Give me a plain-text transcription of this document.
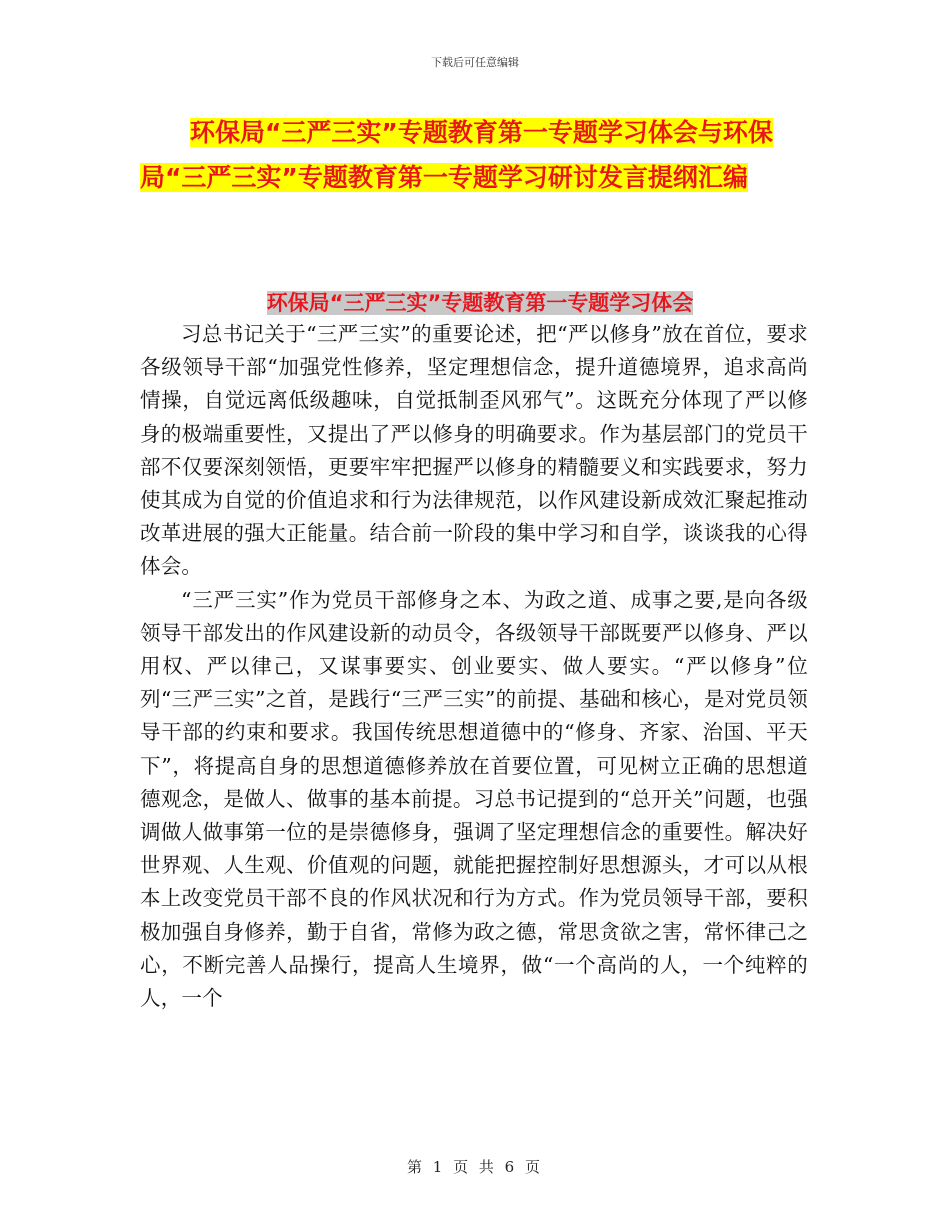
下载后可任意编辑
环保局“三严三实”专题教育第一专题学习体会与环保局“三严三实”专题教育第一专题学习研讨发言提纲汇编
环保局“三严三实”专题教育第一专题学习体会

习总书记关于“三严三实”的重要论述，把“严以修身”放在首位，要求各级领导干部“加强党性修养，坚定理想信念，提升道德境界，追求高尚情操，自觉远离低级趣味，自觉抵制歪风邪气”。这既充分体现了严以修身的极端重要性，又提出了严以修身的明确要求。作为基层部门的党员干部不仅要深刻领悟，更要牢牢把握严以修身的精髓要义和实践要求，努力使其成为自觉的价值追求和行为法律规范，以作风建设新成效汇聚起推动改革进展的强大正能量。结合前一阶段的集中学习和自学，谈谈我的心得体会。

“三严三实”作为党员干部修身之本、为政之道、成事之要,是向各级领导干部发出的作风建设新的动员令，各级领导干部既要严以修身、严以用权、严以律己，又谋事要实、创业要实、做人要实。“严以修身”位列“三严三实”之首，是践行“三严三实”的前提、基础和核心，是对党员领导干部的约束和要求。我国传统思想道德中的“修身、齐家、治国、平天下”，将提高自身的思想道德修养放在首要位置，可见树立正确的思想道德观念，是做人、做事的基本前提。习总书记提到的“总开关”问题，也强调做人做事第一位的是崇德修身，强调了坚定理想信念的重要性。解决好世界观、人生观、价值观的问题，就能把握控制好思想源头，才可以从根本上改变党员干部不良的作风状况和行为方式。作为党员领导干部，要积极加强自身修养，勤于自省，常修为政之德，常思贪欲之害，常怀律己之心，不断完善人品操行，提高人生境界，做“一个高尚的人，一个纯粹的人，一个

第 1 页 共 6 页
